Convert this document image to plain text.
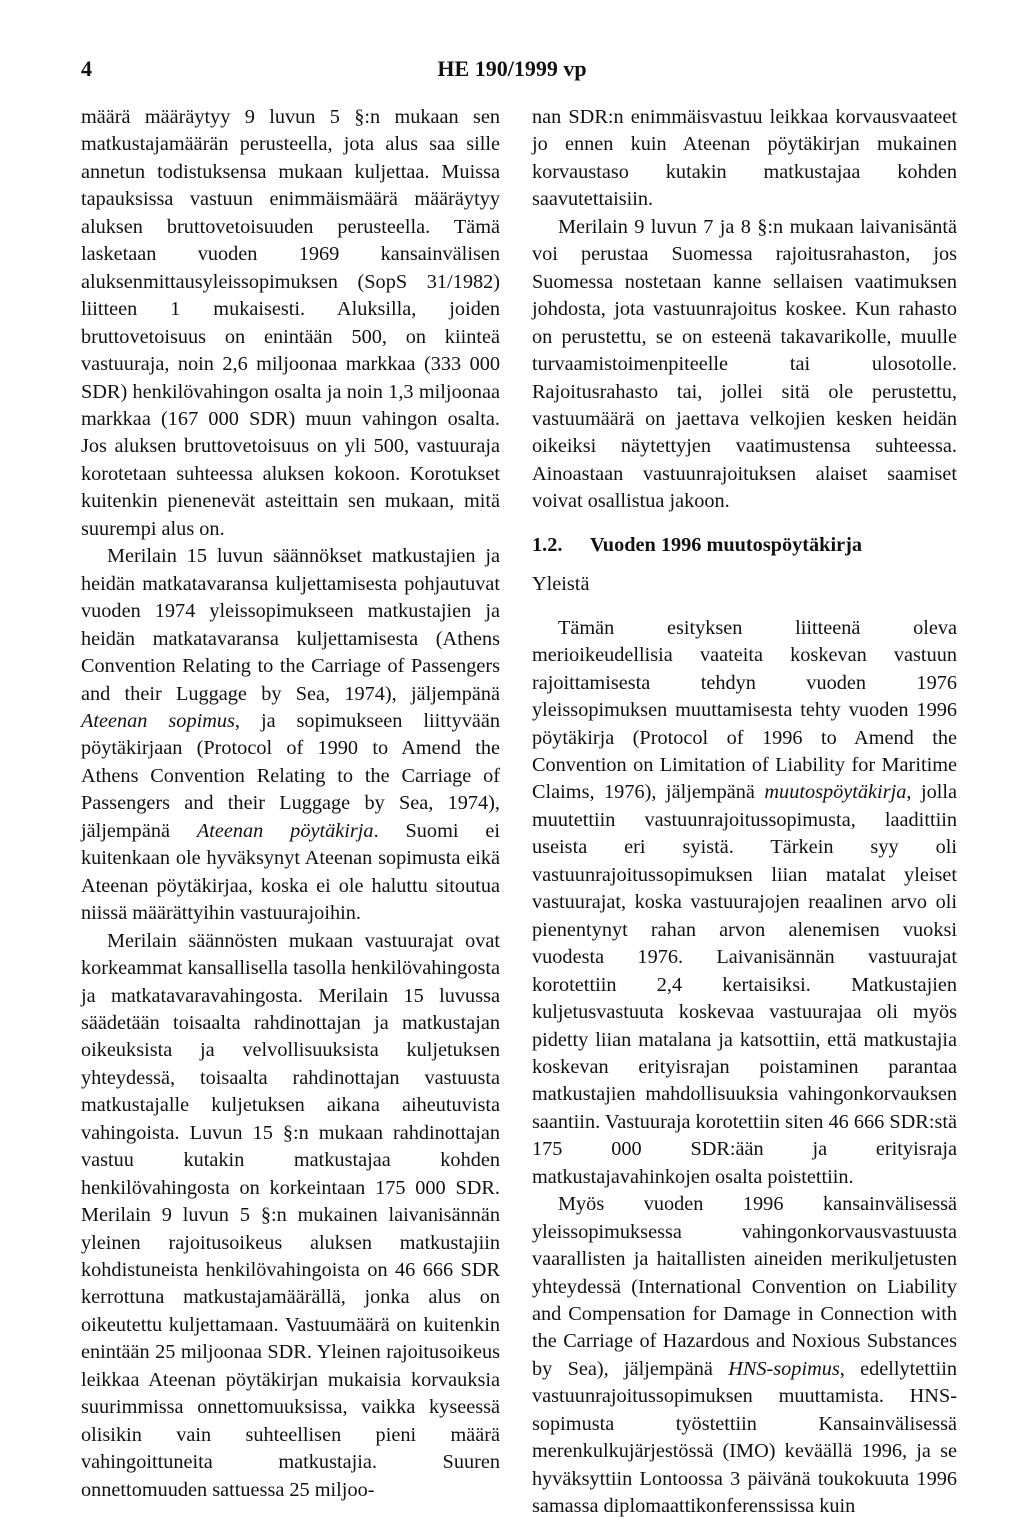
4	HE 190/1999 vp

määrä määräytyy 9 luvun 5 §:n mukaan sen matkustajamäärän perusteella, jota alus saa sille annetun todistuksensa mukaan kuljettaa. Muissa tapauksissa vastuun enimmäismäärä määräytyy aluksen bruttovetoisuuden perusteella. Tämä lasketaan vuoden 1969 kansainvälisen aluksenmittausyleissopimuksen (SopS 31/1982) liitteen 1 mukaisesti. Aluksilla, joiden bruttovetoisuus on enintään 500, on kiinteä vastuuraja, noin 2,6 miljoonaa markkaa (333 000 SDR) henkilövahingon osalta ja noin 1,3 miljoonaa markkaa (167 000 SDR) muun vahingon osalta. Jos aluksen bruttovetoisuus on yli 500, vastuuraja korotetaan suhteessa aluksen kokoon. Korotukset kuitenkin pienenevät asteittain sen mukaan, mitä suurempi alus on.

Merilain 15 luvun säännökset matkustajien ja heidän matkatavaransa kuljettamisesta pohjautuvat vuoden 1974 yleissopimukseen matkustajien ja heidän matkatavaransa kuljettamisesta (Athens Convention Relating to the Carriage of Passengers and their Luggage by Sea, 1974), jäljempänä Ateenan sopimus, ja sopimukseen liittyvään pöytäkirjaan (Protocol of 1990 to Amend the Athens Convention Relating to the Carriage of Passengers and their Luggage by Sea, 1974), jäljempänä Ateenan pöytäkirja. Suomi ei kuitenkaan ole hyväksynyt Ateenan sopimusta eikä Ateenan pöytäkirjaa, koska ei ole haluttu sitoutua niissä määrättyihin vastuurajoihin.

Merilain säännösten mukaan vastuurajat ovat korkeammat kansallisella tasolla henkilövahingosta ja matkatavaravahingosta. Merilain 15 luvussa säädetään toisaalta rahdinottajan ja matkustajan oikeuksista ja velvollisuuksista kuljetuksen yhteydessä, toisaalta rahdinottajan vastuusta matkustajalle kuljetuksen aikana aiheutuvista vahingoista. Luvun 15 §:n mukaan rahdinottajan vastuu kutakin matkustajaa kohden henkilövahingosta on korkeintaan 175 000 SDR. Merilain 9 luvun 5 §:n mukainen laivanisännän yleinen rajoitusoikeus aluksen matkustajiin kohdistuneista henkilövahingoista on 46 666 SDR kerrottuna matkustajamäärällä, jonka alus on oikeutettu kuljettamaan. Vastuumäärä on kuitenkin enintään 25 miljoonaa SDR. Yleinen rajoitusoikeus leikkaa Ateenan pöytäkirjan mukaisia korvauksia suurimmissa onnettomuuksissa, vaikka kyseessä olisikin vain suhteellisen pieni määrä vahingoittuneita matkustajia. Suuren onnettomuuden sattuessa 25 miljoo-

nan SDR:n enimmäisvastuu leikkaa korvausvaateet jo ennen kuin Ateenan pöytäkirjan mukainen korvaustaso kutakin matkustajaa kohden saavutettaisiin.

Merilain 9 luvun 7 ja 8 §:n mukaan laivanisäntä voi perustaa Suomessa rajoitusrahaston, jos Suomessa nostetaan kanne sellaisen vaatimuksen johdosta, jota vastuunrajoitus koskee. Kun rahasto on perustettu, se on esteenä takavarikolle, muulle turvaamistoimenpiteelle tai ulosotolle. Rajoitusrahasto tai, jollei sitä ole perustettu, vastuumäärä on jaettava velkojien kesken heidän oikeiksi näytettyjen vaatimustensa suhteessa. Ainoastaan vastuunrajoituksen alaiset saamiset voivat osallistua jakoon.

1.2.	Vuoden 1996 muutospöytäkirja
Yleistä

Tämän esityksen liitteenä oleva merioikeudellisia vaateita koskevan vastuun rajoittamisesta tehdyn vuoden 1976 yleissopimuksen muuttamisesta tehty vuoden 1996 pöytäkirja (Protocol of 1996 to Amend the Convention on Limitation of Liability for Maritime Claims, 1976), jäljempänä muutospöytäkirja, jolla muutettiin vastuunrajoitussopimusta, laadittiin useista eri syistä. Tärkein syy oli vastuunrajoitussopimuksen liian matalat yleiset vastuurajat, koska vastuurajojen reaalinen arvo oli pienentynyt rahan arvon alenemisen vuoksi vuodesta 1976. Laivanisännän vastuurajat korotettiin 2,4 kertaisiksi. Matkustajien kuljetusvastuuta koskevaa vastuurajaa oli myös pidetty liian matalana ja katsottiin, että matkustajia koskevan erityisrajan poistaminen parantaa matkustajien mahdollisuuksia vahingonkorvauksen saantiin. Vastuuraja korotettiin siten 46 666 SDR:stä 175 000 SDR:ään ja erityisraja matkustajavahinkojen osalta poistettiin.

Myös vuoden 1996 kansainvälisessä yleissopimuksessa vahingonkorvausvastuusta vaarallisten ja haitallisten aineiden merikuljetusten yhteydessä (International Convention on Liability and Compensation for Damage in Connection with the Carriage of Hazardous and Noxious Substances by Sea), jäljempänä HNS-sopimus, edellytettiin vastuunrajoitussopimuksen muuttamista. HNS-sopimusta työstettiin Kansainvälisessä merenkulkujärjestössä (IMO) keväällä 1996, ja se hyväksyttiin Lontoossa 3 päivänä toukokuuta 1996 samassa diplomaattikonferenssissa kuin
